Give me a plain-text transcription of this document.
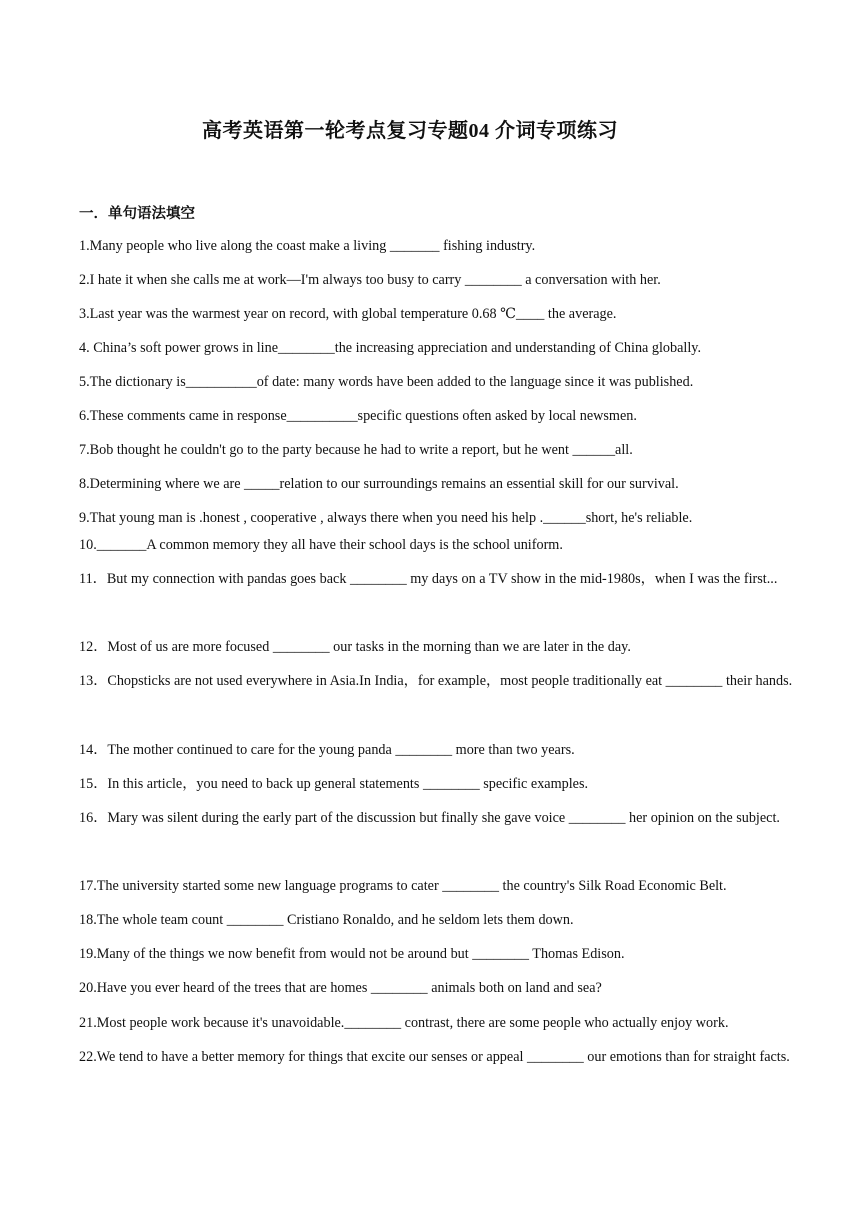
高考英语第一轮考点复习专题04 介词专项练习
一．单句语法填空
1.Many people who live along the coast make a living _______ fishing industry.
2.I hate it when she calls me at work—I'm always too busy to carry ________ a conversation with her.
3.Last year was the warmest year on record, with global temperature 0.68 ℃____ the average.
4. China’s soft power grows in line________the increasing appreciation and understanding of China globally.
5.The dictionary is__________of date: many words have been added to the language since it was published.
6.These comments came in response__________specific questions often asked by local newsmen.
7.Bob thought he couldn't go to the party because he had to write a report, but he went ______all.
8.Determining where we are _____relation to our surroundings remains an essential skill for our survival.
9.That young man is .honest , cooperative , always there when you need his help .______short, he's reliable.
10._______A common memory they all have their school days is the school uniform.
11．But my connection with pandas goes back ________ my days on a TV show in the mid-1980s，when I was the first...
12．Most of us are more focused ________ our tasks in the morning than we are later in the day.
13．Chopsticks are not used everywhere in Asia.In India，for example，most people traditionally eat ________ their hands.
14．The mother continued to care for the young panda ________ more than two years.
15．In this article，you need to back up general statements ________ specific examples.
16．Mary was silent during the early part of the discussion but finally she gave voice ________ her opinion on the subject.
17.The university started some new language programs to cater ________ the country's Silk Road Economic Belt.
18.The whole team count ________ Cristiano Ronaldo, and he seldom lets them down.
19.Many of the things we now benefit from would not be around but ________ Thomas Edison.
20.Have you ever heard of the trees that are homes ________ animals both on land and sea?
21.Most people work because it's unavoidable.________ contrast, there are some people who actually enjoy work.
22.We tend to have a better memory for things that excite our senses or appeal ________ our emotions than for straight facts.
